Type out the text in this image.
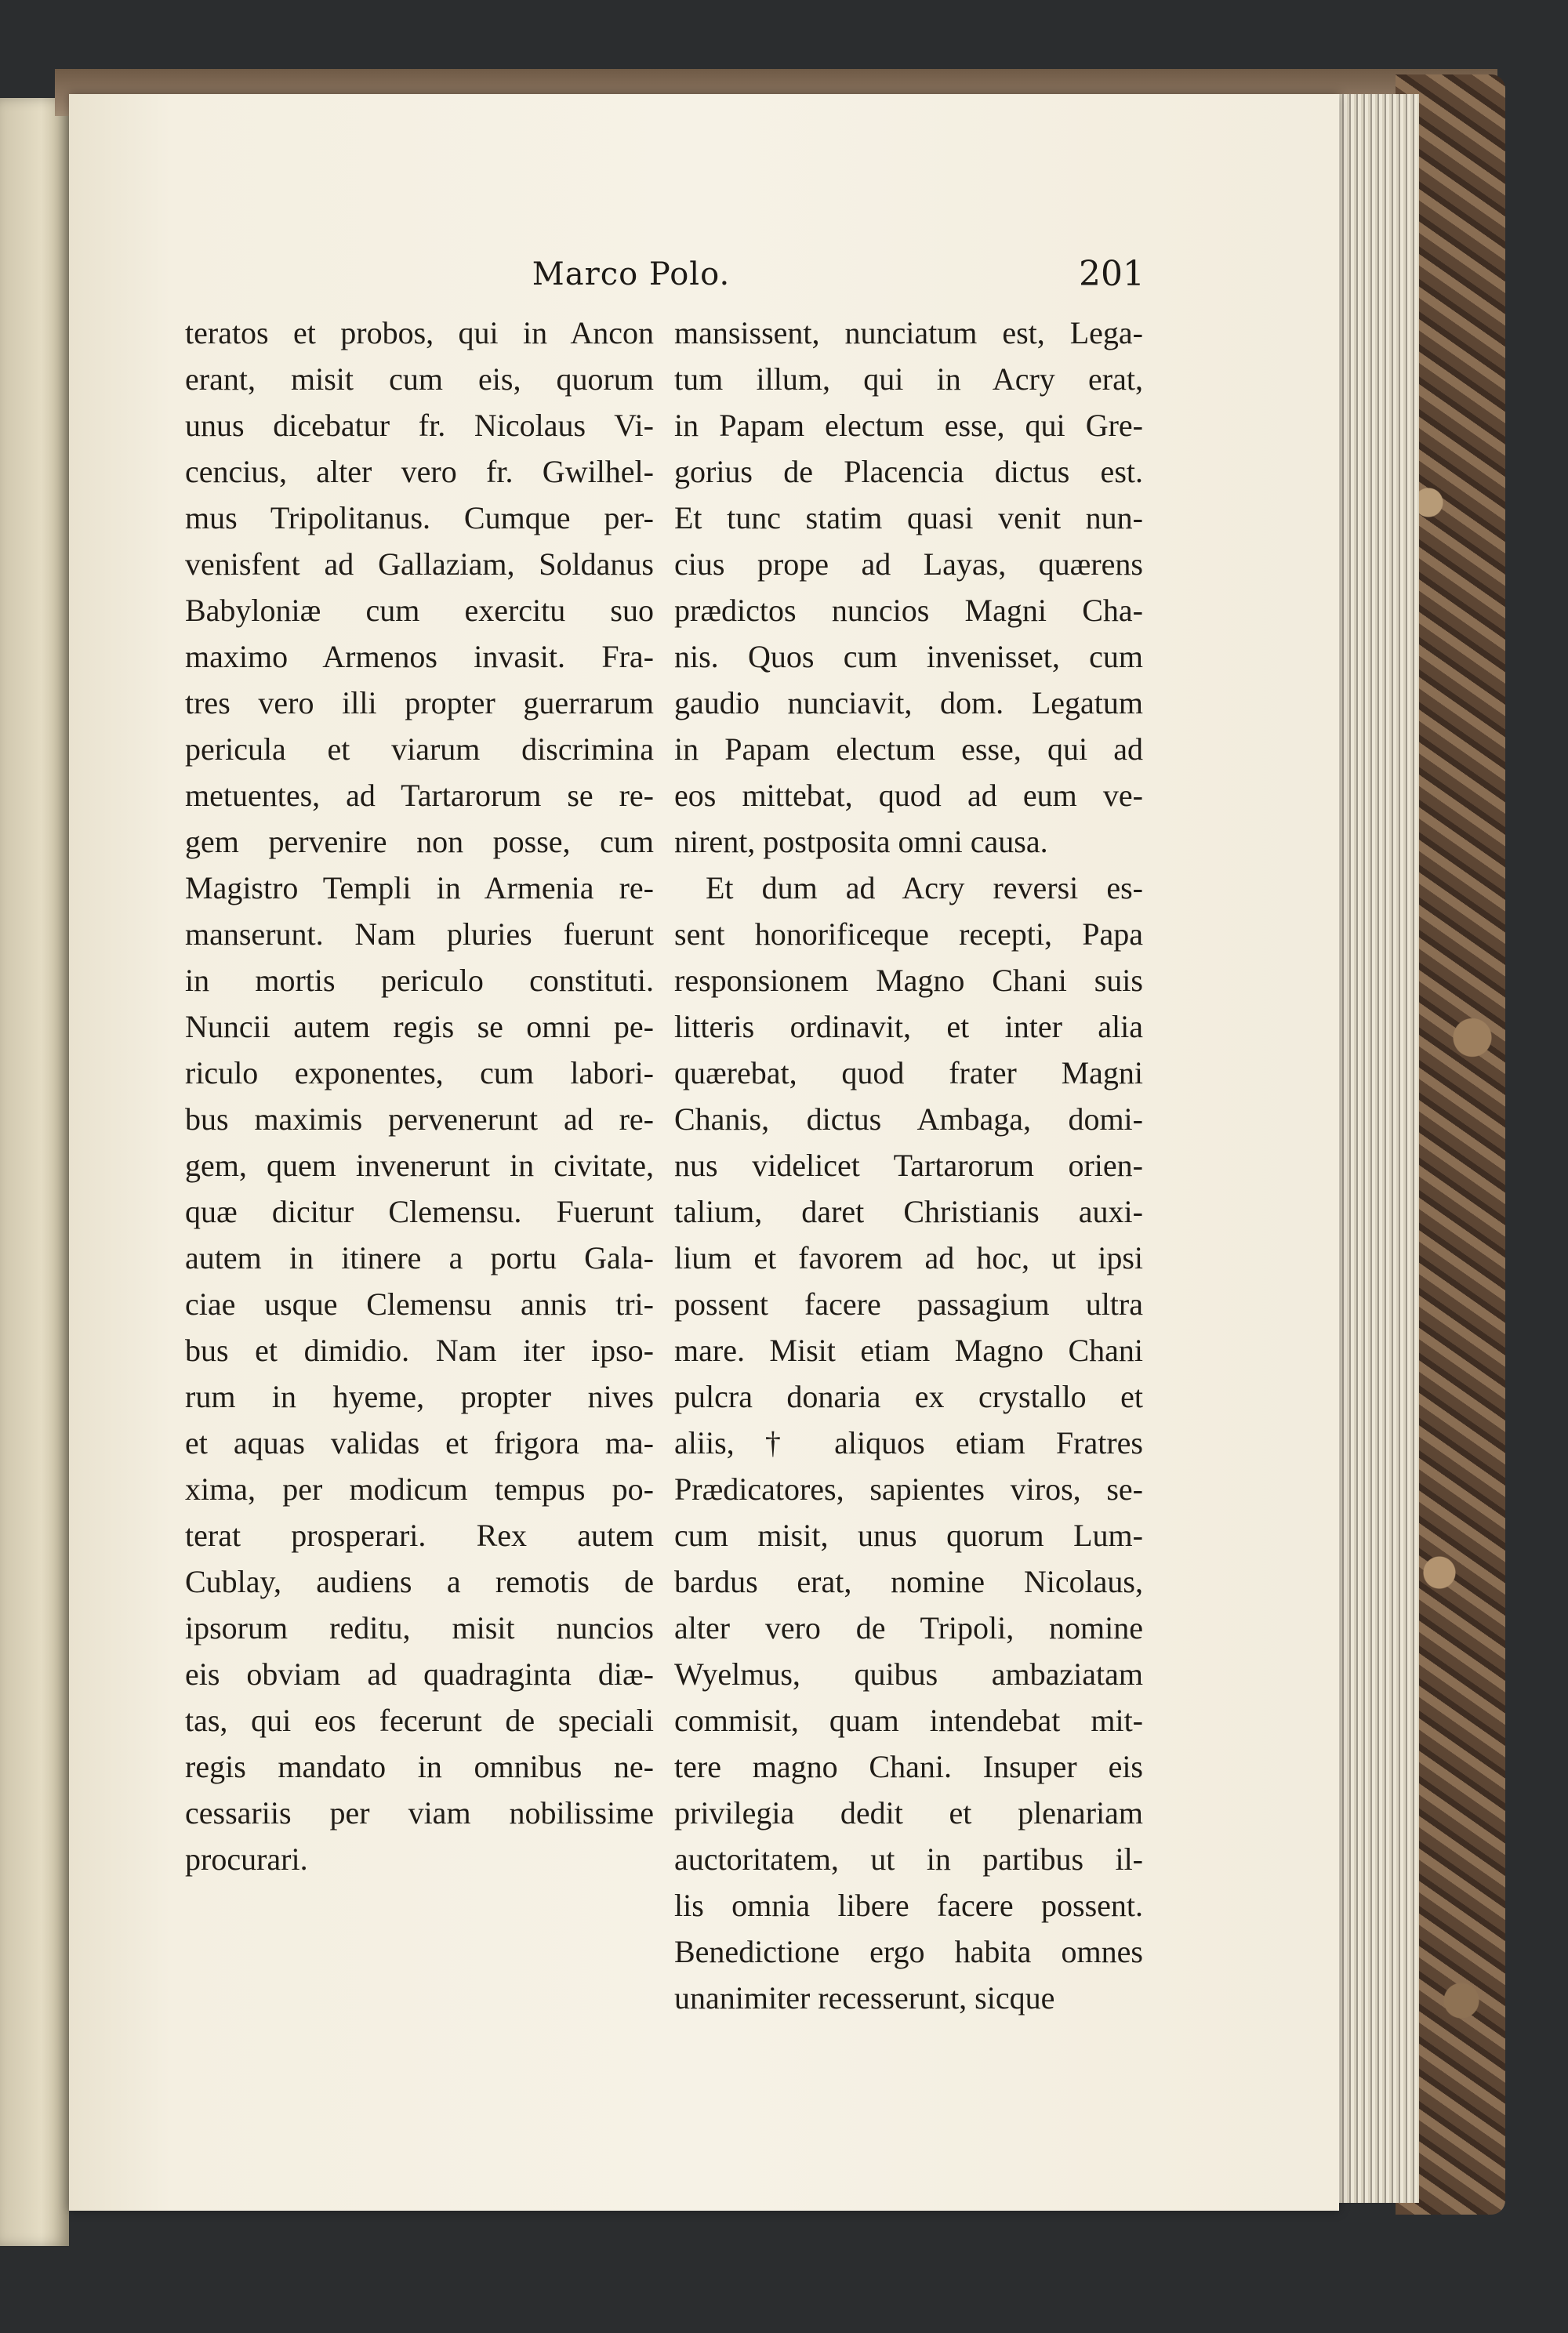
Marco Polo.	201
teratos et probos, qui in Ancon
erant, misit cum eis, quorum
unus dicebatur fr. Nicolaus Vi-
cencius, alter vero fr. Gwilhel-
mus Tripolitanus. Cumque per-
venisfent ad Gallaziam, Soldanus
Babyloniæ cum exercitu suo
maximo Armenos invasit. Fra-
tres vero illi propter guerrarum
pericula et viarum discrimina
metuentes, ad Tartarorum se re-
gem pervenire non posse, cum
Magistro Templi in Armenia re-
manserunt. Nam pluries fuerunt
in mortis periculo constituti.
Nuncii autem regis se omni pe-
riculo exponentes, cum labori-
bus maximis pervenerunt ad re-
gem, quem invenerunt in civitate,
quæ dicitur Clemensu. Fuerunt
autem in itinere a portu Gala-
ciae usque Clemensu annis tri-
bus et dimidio. Nam iter ipso-
rum in hyeme, propter nives
et aquas validas et frigora ma-
xima, per modicum tempus po-
terat prosperari. Rex autem
Cublay, audiens a remotis de
ipsorum reditu, misit nuncios
eis obviam ad quadraginta diæ-
tas, qui eos fecerunt de speciali
regis mandato in omnibus ne-
cessariis per viam nobilissime
procurari.
mansissent, nunciatum est, Lega-
tum illum, qui in Acry erat,
in Papam electum esse, qui Gre-
gorius de Placencia dictus est.
Et tunc statim quasi venit nun-
cius prope ad Layas, quærens
prædictos nuncios Magni Cha-
nis. Quos cum invenisset, cum
gaudio nunciavit, dom. Legatum
in Papam electum esse, qui ad
eos mittebat, quod ad eum ve-
nirent, postposita omni causa.
Et dum ad Acry reversi es-
sent honorificeque recepti, Papa
responsionem Magno Chani suis
litteris ordinavit, et inter alia
quærebat, quod frater Magni
Chanis, dictus Ambaga, domi-
nus videlicet Tartarorum orien-
talium, daret Christianis auxi-
lium et favorem ad hoc, ut ipsi
possent facere passagium ultra
mare. Misit etiam Magno Chani
pulcra donaria ex crystallo et
aliis, † aliquos etiam Fratres
Prædicatores, sapientes viros, se-
cum misit, unus quorum Lum-
bardus erat, nomine Nicolaus,
alter vero de Tripoli, nomine
Wyelmus, quibus ambaziatam
commisit, quam intendebat mit-
tere magno Chani. Insuper eis
privilegia dedit et plenariam
auctoritatem, ut in partibus il-
lis omnia libere facere possent.
Benedictione ergo habita omnes
unanimiter recesserunt, sicque
